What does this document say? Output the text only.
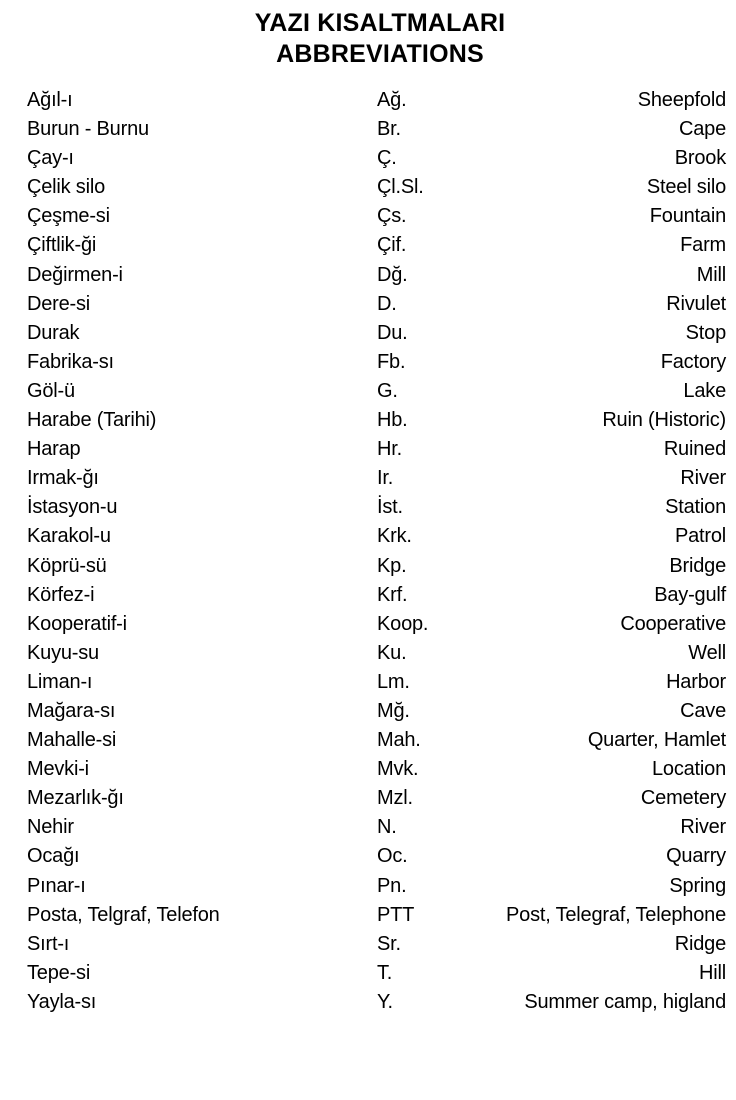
YAZI KISALTMALARI
ABBREVIATIONS
Ağıl-ı	Ağ.	Sheepfold
Burun - Burnu	Br.	Cape
Çay-ı	Ç.	Brook
Çelik silo	Çl.Sl.	Steel silo
Çeşme-si	Çs.	Fountain
Çiftlik-ği	Çif.	Farm
Değirmen-i	Dğ.	Mill
Dere-si	D.	Rivulet
Durak	Du.	Stop
Fabrika-sı	Fb.	Factory
Göl-ü	G.	Lake
Harabe (Tarihi)	Hb.	Ruin (Historic)
Harap	Hr.	Ruined
Irmak-ğı	Ir.	River
İstasyon-u	İst.	Station
Karakol-u	Krk.	Patrol
Köprü-sü	Kp.	Bridge
Körfez-i	Krf.	Bay-gulf
Kooperatif-i	Koop.	Cooperative
Kuyu-su	Ku.	Well
Liman-ı	Lm.	Harbor
Mağara-sı	Mğ.	Cave
Mahalle-si	Mah.	Quarter, Hamlet
Mevki-i	Mvk.	Location
Mezarlık-ğı	Mzl.	Cemetery
Nehir	N.	River
Ocağı	Oc.	Quarry
Pınar-ı	Pn.	Spring
Posta, Telgraf, Telefon	PTT	Post, Telegraf, Telephone
Sırt-ı	Sr.	Ridge
Tepe-si	T.	Hill
Yayla-sı	Y.	Summer camp, higland
